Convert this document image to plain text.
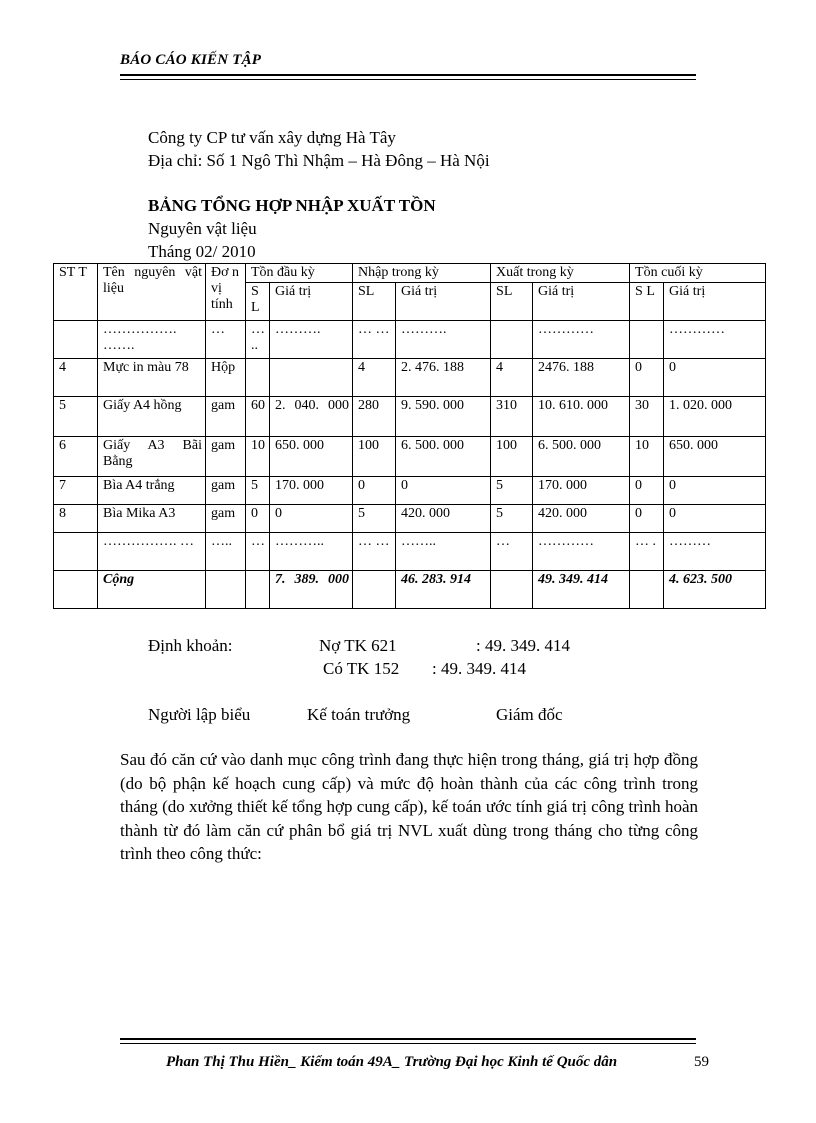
BÁO CÁO KIẾN TẬP
Công ty CP tư vấn xây dựng Hà Tây
Địa chỉ: Số 1 Ngô Thì Nhậm – Hà Đông – Hà Nội
BẢNG TỔNG HỢP NHẬP XUẤT TỒN
Nguyên vật liệu
Tháng 02/ 2010
ST T	Tên nguyên vật liệu	Đơ n vị tính	Tồn đầu kỳ		Nhập trong kỳ		Xuất trong kỳ		Tồn cuối kỳ	
			S L	Giá trị	SL	Giá trị	SL	Giá trị	S L	Giá trị
	……………. …….	…	… ..	……….	… …	……….		…………		…………
4	Mực in màu 78	Hộp			4	2. 476. 188	4	2476. 188	0	0
5	Giấy A4 hồng	gam	60	2. 040. 000	280	9. 590. 000	310	10. 610. 000	30	1. 020. 000
6	Giấy A3 Bãi Bằng	gam	10	650. 000	100	6. 500. 000	100	6. 500. 000	10	650. 000
7	Bìa A4 trắng	gam	5	170. 000	0	0	5	170. 000	0	0
8	Bìa Mika A3	gam	0	0	5	420. 000	5	420. 000	0	0
	……………. …	…..	…	………..	… …	……..	…	…………	… .	………
	Cộng			7. 389. 000		46. 283. 914		49. 349. 414		4. 623. 500
Định khoản:	Nợ TK 621	: 49. 349. 414
Có TK 152 : 49. 349. 414
Người lập biểu	Kế toán trưởng	Giám đốc
Sau đó căn cứ vào danh mục công trình đang thực hiện trong tháng, giá trị hợp đồng (do bộ phận kế hoạch cung cấp) và mức độ hoàn thành của các công trình trong tháng (do xưởng thiết kế tổng hợp cung cấp), kế toán ước tính giá trị công trình hoàn thành từ đó làm căn cứ phân bổ giá trị NVL xuất dùng trong tháng cho từng công trình theo công thức:
Phan Thị Thu Hiền_ Kiểm toán 49A_ Trường Đại học Kinh tế Quốc dân	59
